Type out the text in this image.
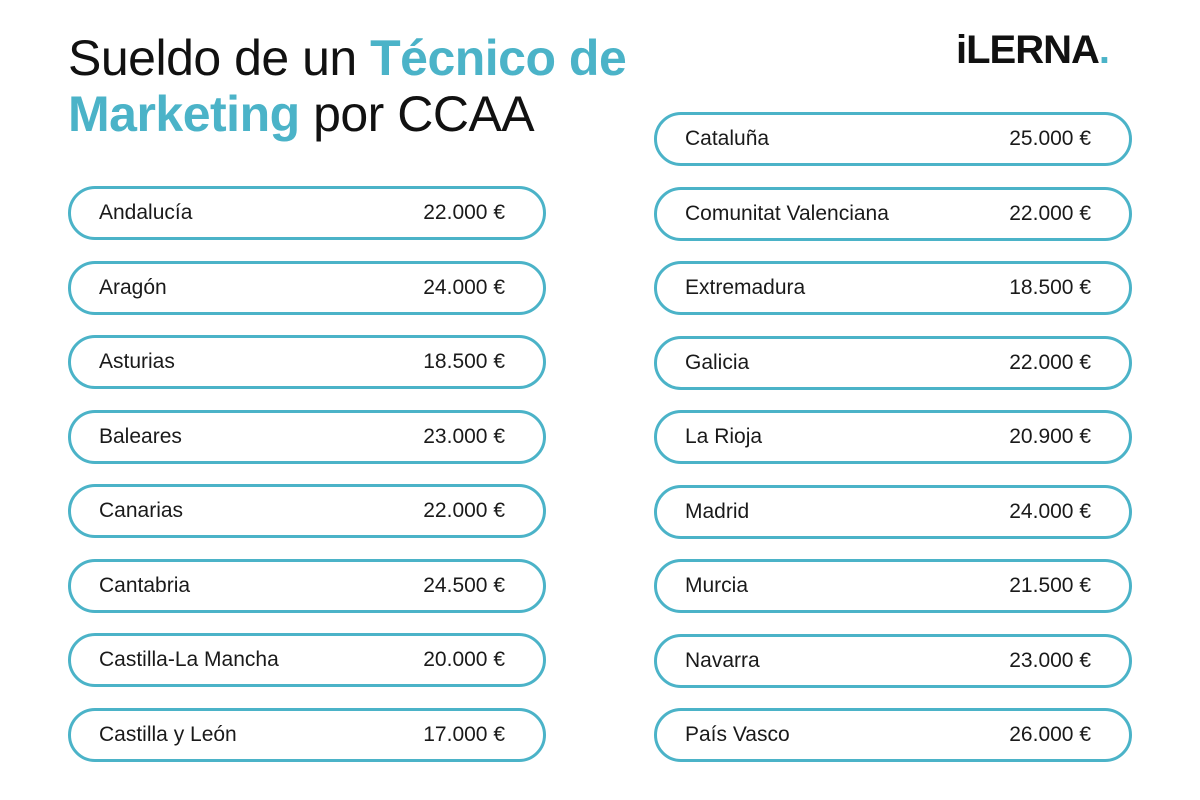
Sueldo de un Técnico de
Marketing por CCAA
iLERNA.
Andalucía	22.000 €
Aragón	24.000 €
Asturias	18.500 €
Baleares	23.000 €
Canarias	22.000 €
Cantabria	24.500 €
Castilla-La Mancha	20.000 €
Castilla y León	17.000 €
Cataluña	25.000 €
Comunitat Valenciana	22.000 €
Extremadura	18.500 €
Galicia	22.000 €
La Rioja	20.900 €
Madrid	24.000 €
Murcia	21.500 €
Navarra	23.000 €
País Vasco	26.000 €
